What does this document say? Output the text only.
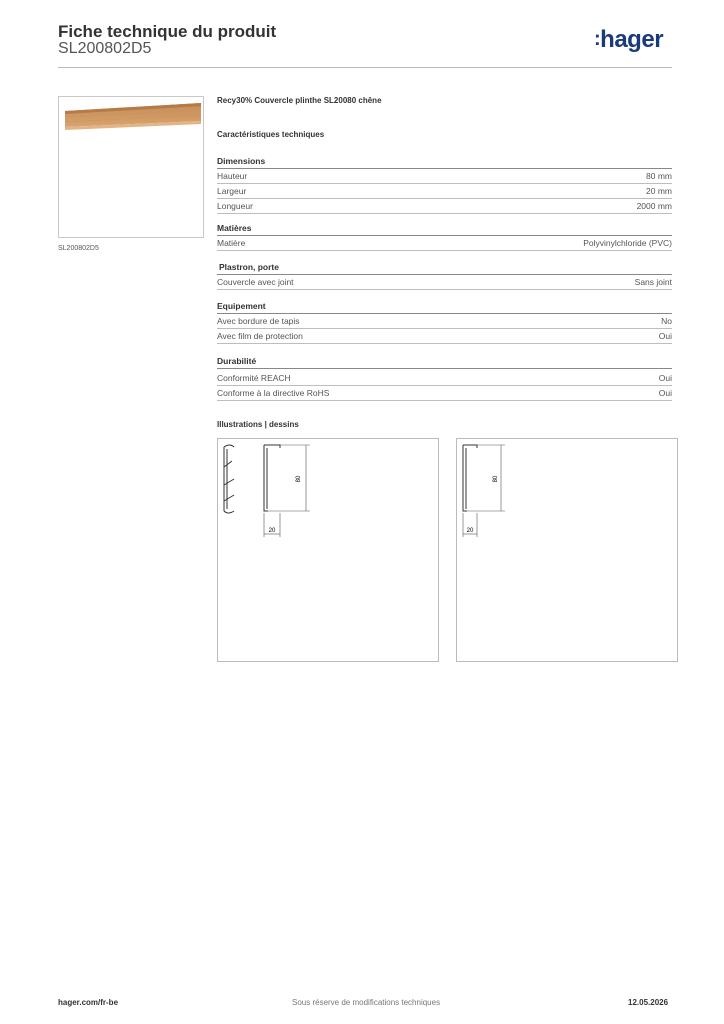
Fiche technique du produit
SL200802D5	:hager
SL200802D5
Recy30% Couvercle plinthe SL20080 chêne
Caractéristiques techniques
Dimensions
Hauteur	80 mm
Largeur	20 mm
Longueur	2000 mm
Matières
Matière	Polyvinylchloride (PVC)
Plastron, porte
Couvercle avec joint	Sans joint
Equipement
Avec bordure de tapis	No
Avec film de protection	Oui
Durabilité
Conformité REACH	Oui
Conforme à la directive RoHS	Oui
Illustrations | dessins
80
20
80
20
hager.com/fr-be	Sous réserve de modifications techniques	12.05.2026
